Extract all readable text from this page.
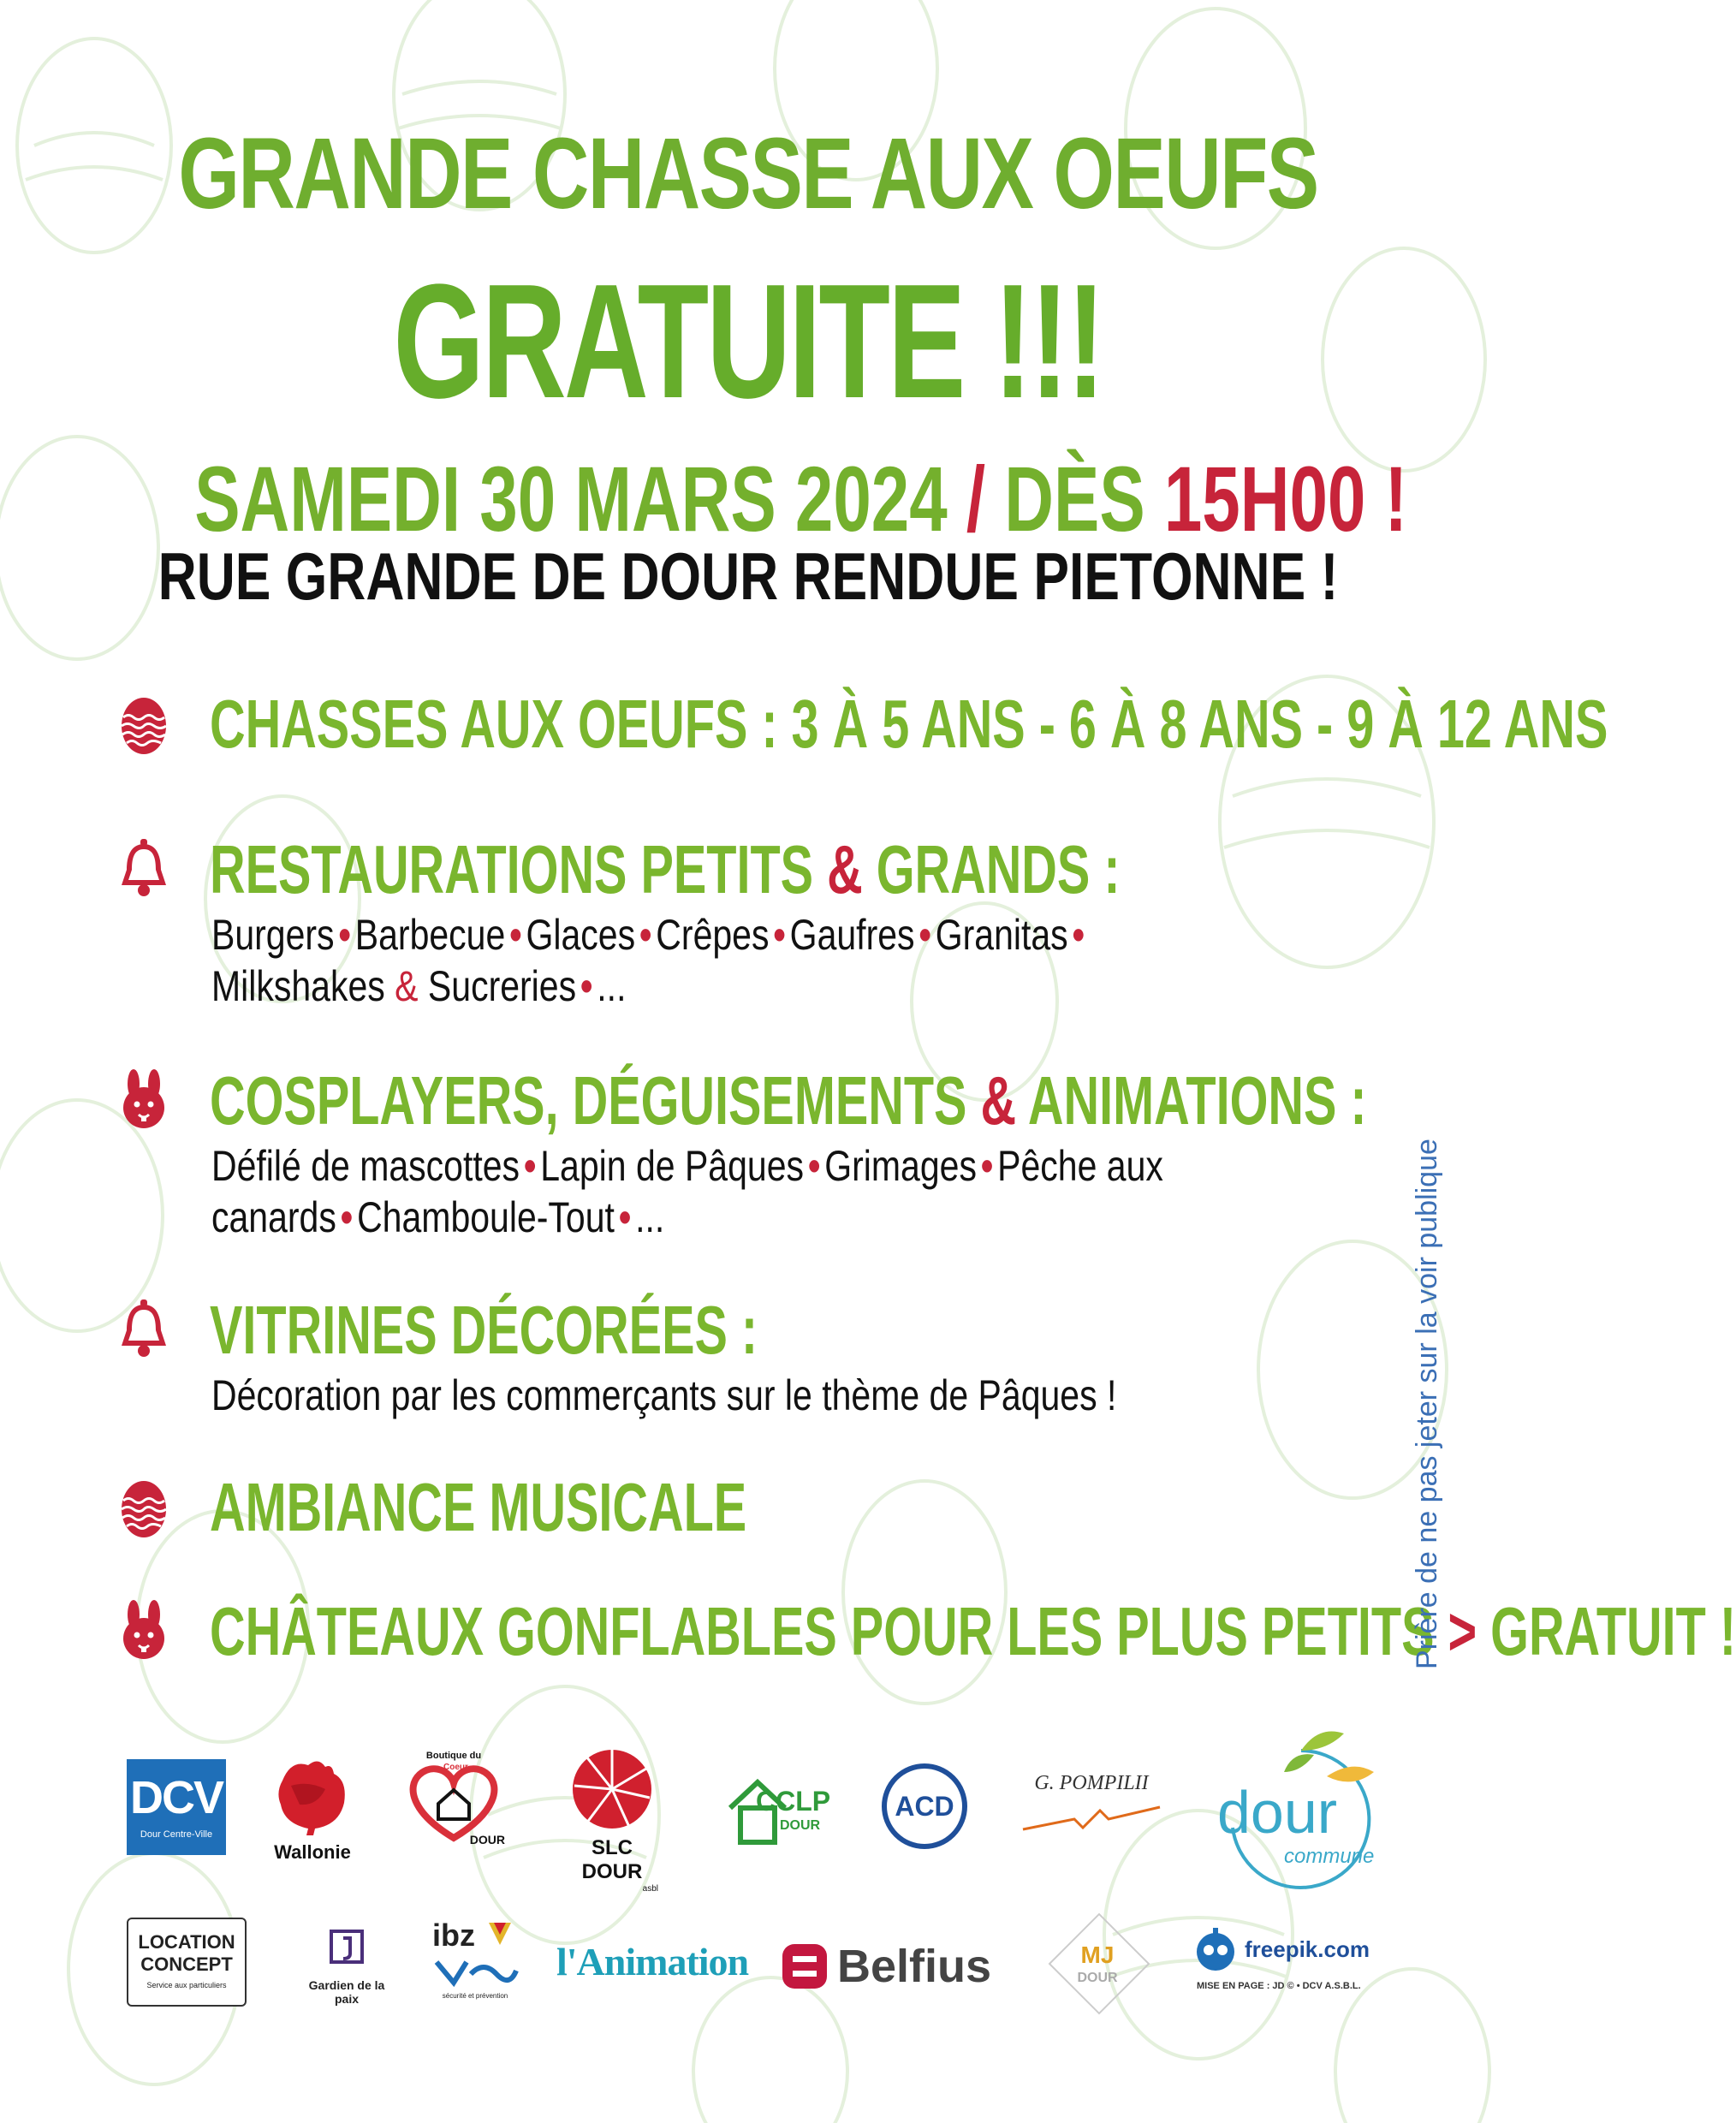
GRANDE CHASSE AUX OEUFS
GRATUITE !!!
SAMEDI 30 MARS 2024 / DÈS 15H00 !
RUE GRANDE DE DOUR RENDUE PIETONNE !
CHASSES AUX OEUFS : 3 À 5 ANS - 6 À 8 ANS - 9 À 12 ANS
RESTAURATIONS PETITS & GRANDS :
Burgers•Barbecue•Glaces•Crêpes•Gaufres•Granitas•
Milkshakes & Sucreries•...
COSPLAYERS, DÉGUISEMENTS & ANIMATIONS :
Défilé de mascottes•Lapin de Pâques•Grimages•Pêche aux
canards•Chamboule-Tout•...
VITRINES DÉCORÉES :
Décoration par les commerçants sur le thème de Pâques !
AMBIANCE MUSICALE
CHÂTEAUX GONFLABLES POUR LES PLUS PETITS > GRATUIT !
Prière de ne pas jeter sur la voir publique
DCV
Dour Centre-Ville
Wallonie
Boutique du
DOUR
Coeur
SLC DOUR
asbl
CCLP
DOUR
ACD
G. POMPILII	dour
commune
LOCATION
CONCEPT
Service aux particuliers	Gardien de la paix
ibz
sécurité et prévention
l'Animation Belfius	MJ
DOUR
freepik.com
MISE EN PAGE : JD © • DCV A.S.B.L.
